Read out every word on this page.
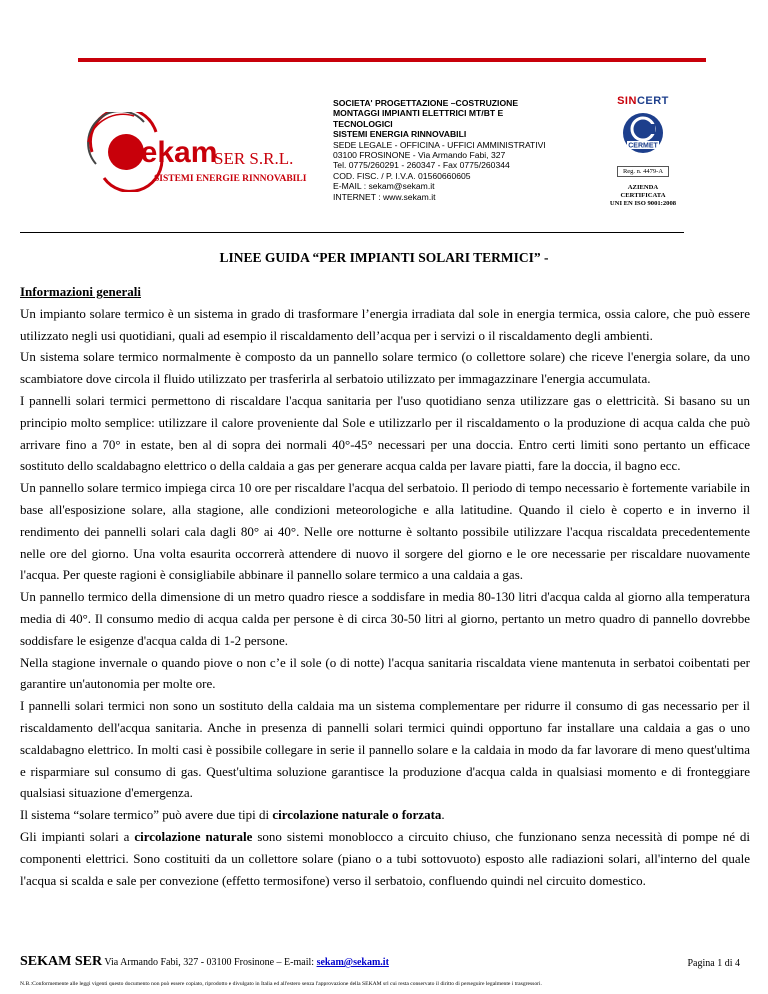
sekam
SER S.R.L.
SISTEMI ENERGIE RINNOVABILI
SOCIETA' PROGETTAZIONE –COSTRUZIONE
MONTAGGI IMPIANTI ELETTRICI MT/BT E
TECNOLOGICI
SISTEMI ENERGIA RINNOVABILI
SEDE LEGALE - OFFICINA - UFFICI AMMINISTRATIVI
03100 FROSINONE - Via Armando Fabi, 327
Tel. 0775/260291 - 260347 - Fax 0775/260344
COD. FISC. / P. I.V.A. 01560660605
E-MAIL : sekam@sekam.it
INTERNET : www.sekam.it
SINCERT
CERMET
Reg. n. 4479-A
AZIENDA
CERTIFICATA
UNI EN ISO 9001:2008
LINEE GUIDA “PER IMPIANTI SOLARI TERMICI” -

Informazioni generali

Un impianto solare termico è un sistema in grado di trasformare l’energia irradiata dal sole in energia termica, ossia calore, che può essere utilizzato negli usi quotidiani, quali ad esempio il riscaldamento dell’acqua per i servizi o il riscaldamento degli ambienti.

Un sistema solare termico normalmente è composto da un pannello solare termico (o collettore solare) che riceve l'energia solare, da uno scambiatore dove circola il fluido utilizzato per trasferirla al serbatoio utilizzato per immagazzinare l'energia accumulata.

I pannelli solari termici permettono di riscaldare l'acqua sanitaria per l'uso quotidiano senza utilizzare gas o elettricità. Si basano su un principio molto semplice: utilizzare il calore proveniente dal Sole e utilizzarlo per il riscaldamento o la produzione di acqua calda che può arrivare fino a 70° in estate, ben al di sopra dei normali 40°-45° necessari per una doccia. Entro certi limiti sono pertanto un efficace sostituto dello scaldabagno elettrico o della caldaia a gas per generare acqua calda per lavare piatti, fare la doccia, il bagno ecc.

Un pannello solare termico impiega circa 10 ore per riscaldare l'acqua del serbatoio. Il periodo di tempo necessario è fortemente variabile in base all'esposizione solare, alla stagione, alle condizioni meteorologiche e alla latitudine. Quando il cielo è coperto e in inverno il rendimento dei pannelli solari cala dagli 80° ai 40°. Nelle ore notturne è soltanto possibile utilizzare l'acqua riscaldata precedentemente nelle ore del giorno. Una volta esaurita occorrerà attendere di nuovo il sorgere del giorno e le ore necessarie per riscaldare nuovamente l'acqua. Per queste ragioni è consigliabile abbinare il pannello solare termico a una caldaia a gas.

Un pannello termico della dimensione di un metro quadro riesce a soddisfare in media 80-130 litri d'acqua calda al giorno alla temperatura media di 40°. Il consumo medio di acqua calda per persone è di circa 30-50 litri al giorno, pertanto un metro quadro di pannello dovrebbe soddisfare le esigenze d'acqua calda di 1-2 persone.

Nella stagione invernale o quando piove o non c’e il sole (o di notte) l'acqua sanitaria riscaldata viene mantenuta in serbatoi coibentati per garantire un'autonomia per molte ore.

I pannelli solari termici non sono un sostituto della caldaia ma un sistema complementare per ridurre il consumo di gas necessario per il riscaldamento dell'acqua sanitaria. Anche in presenza di pannelli solari termici quindi opportuno far installare una caldaia a gas o uno scaldabagno elettrico. In molti casi è possibile collegare in serie il pannello solare e la caldaia in modo da far lavorare di meno quest'ultima e risparmiare sul consumo di gas. Quest'ultima soluzione garantisce la produzione d'acqua calda in qualsiasi momento e di fronteggiare qualsiasi situazione d'emergenza.

Il sistema “solare termico” può avere due tipi di circolazione naturale o forzata.

Gli impianti solari a circolazione naturale sono sistemi monoblocco a circuito chiuso, che funzionano senza necessità di pompe né di componenti elettrici. Sono costituiti da un collettore solare (piano o a tubi sottovuoto) esposto alle radiazioni solari, all'interno del quale l'acqua si scalda e sale per convezione (effetto termosifone) verso il serbatoio, confluendo quindi nel circuito domestico.

SEKAM SER Via Armando Fabi, 327 - 03100 Frosinone – E-mail: sekam@sekam.it	Pagina 1 di 4
N.B.:Conformemente alle leggi vigenti questo documento non può essere copiato, riprodotto e divulgato in Italia ed all'estero senza l'approvazione della SEKAM srl cui resta conservato il diritto di perseguire legalmente i trasgressori.
